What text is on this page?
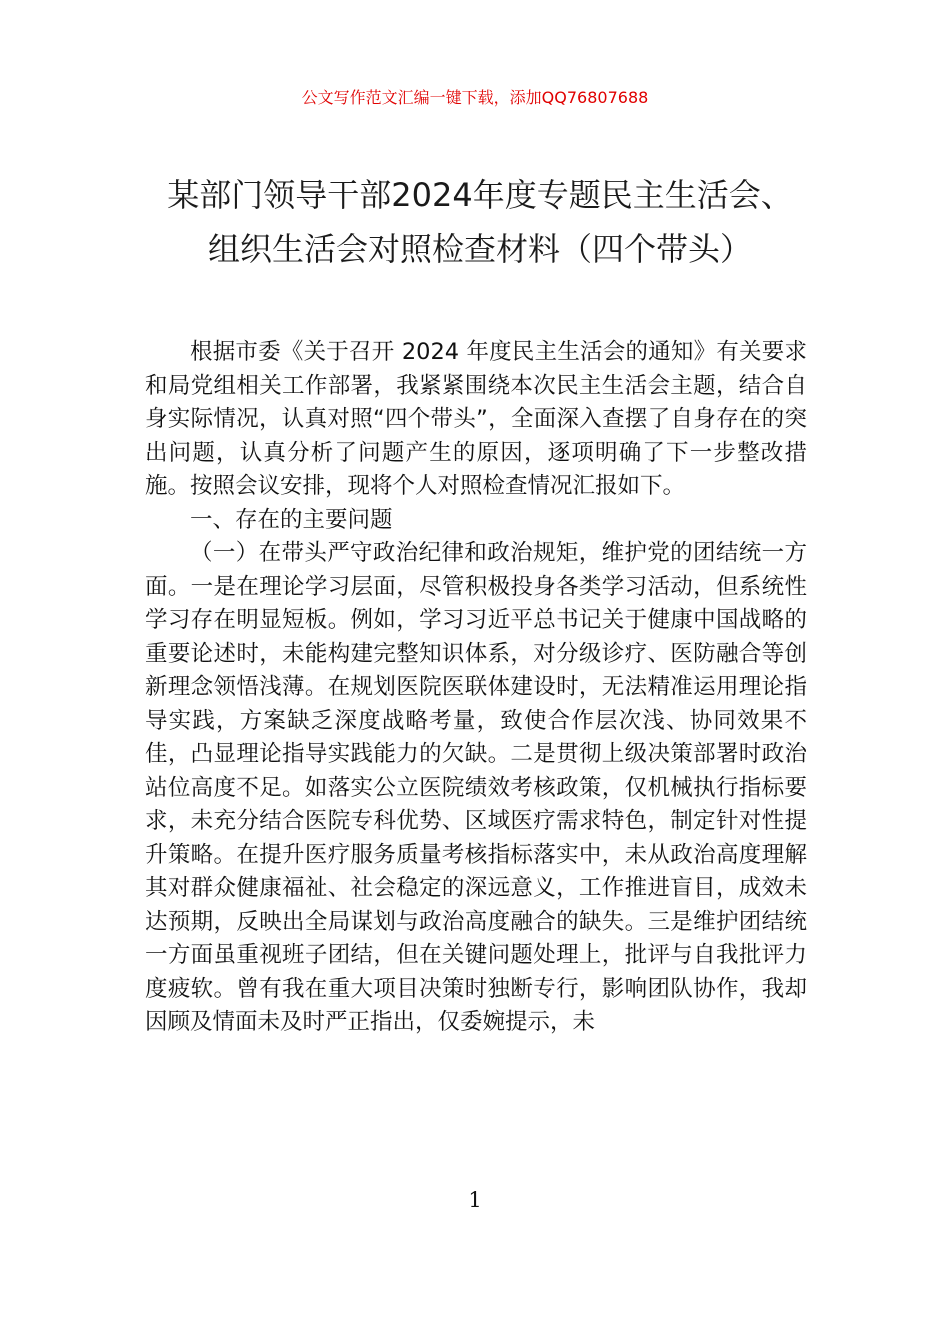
公文写作范文汇编一键下载，添加QQ76807688

某部门领导干部2024年度专题民主生活会、
组织生活会对照检查材料（四个带头）

根据市委《关于召开 2024 年度民主生活会的通知》有关要求和局党组相关工作部署，我紧紧围绕本次民主生活会主题，结合自身实际情况，认真对照“四个带头”，全面深入查摆了自身存在的突出问题，认真分析了问题产生的原因，逐项明确了下一步整改措施。按照会议安排，现将个人对照检查情况汇报如下。

一、存在的主要问题

（一）在带头严守政治纪律和政治规矩，维护党的团结统一方面。一是在理论学习层面，尽管积极投身各类学习活动，但系统性学习存在明显短板。例如，学习习近平总书记关于健康中国战略的重要论述时，未能构建完整知识体系，对分级诊疗、医防融合等创新理念领悟浅薄。在规划医院医联体建设时，无法精准运用理论指导实践，方案缺乏深度战略考量，致使合作层次浅、协同效果不佳，凸显理论指导实践能力的欠缺。二是贯彻上级决策部署时政治站位高度不足。如落实公立医院绩效考核政策，仅机械执行指标要求，未充分结合医院专科优势、区域医疗需求特色，制定针对性提升策略。在提升医疗服务质量考核指标落实中，未从政治高度理解其对群众健康福祉、社会稳定的深远意义，工作推进盲目，成效未达预期，反映出全局谋划与政治高度融合的缺失。三是维护团结统一方面虽重视班子团结，但在关键问题处理上，批评与自我批评力度疲软。曾有我在重大项目决策时独断专行，影响团队协作，我却因顾及情面未及时严正指出，仅委婉提示，未

1
